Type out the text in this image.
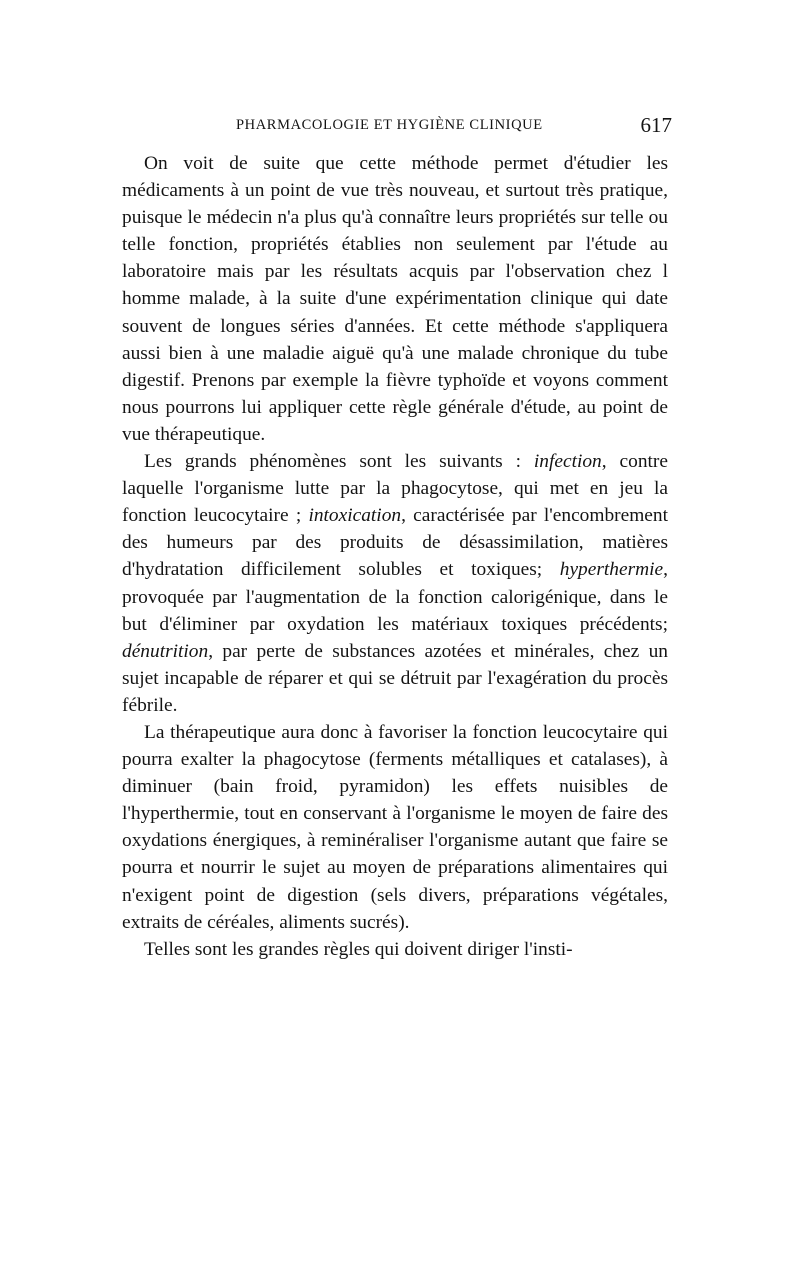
PHARMACOLOGIE ET HYGIÈNE CLINIQUE	617

On voit de suite que cette méthode permet d'étudier les médicaments à un point de vue très nouveau, et surtout très pratique, puisque le médecin n'a plus qu'à connaître leurs propriétés sur telle ou telle fonction, propriétés établies non seulement par l'étude au laboratoire mais par les résultats acquis par l'observation chez l homme malade, à la suite d'une expérimentation clinique qui date souvent de longues séries d'années. Et cette méthode s'appliquera aussi bien à une maladie aiguë qu'à une malade chronique du tube digestif. Prenons par exemple la fièvre typhoïde et voyons comment nous pourrons lui appliquer cette règle générale d'étude, au point de vue thérapeutique.

Les grands phénomènes sont les suivants : infection, contre laquelle l'organisme lutte par la phagocytose, qui met en jeu la fonction leucocytaire ; intoxication, caractérisée par l'encombrement des humeurs par des produits de désassimilation, matières d'hydratation difficilement solubles et toxiques; hyperthermie, provoquée par l'augmentation de la fonction calorigénique, dans le but d'éliminer par oxydation les matériaux toxiques précédents; dénutrition, par perte de substances azotées et minérales, chez un sujet incapable de réparer et qui se détruit par l'exagération du procès fébrile.

La thérapeutique aura donc à favoriser la fonction leucocytaire qui pourra exalter la phagocytose (ferments métalliques et catalases), à diminuer (bain froid, pyramidon) les effets nuisibles de l'hyperthermie, tout en conservant à l'organisme le moyen de faire des oxydations énergiques, à reminéraliser l'organisme autant que faire se pourra et nourrir le sujet au moyen de préparations alimentaires qui n'exigent point de digestion (sels divers, préparations végétales, extraits de céréales, aliments sucrés).

Telles sont les grandes règles qui doivent diriger l'insti-
